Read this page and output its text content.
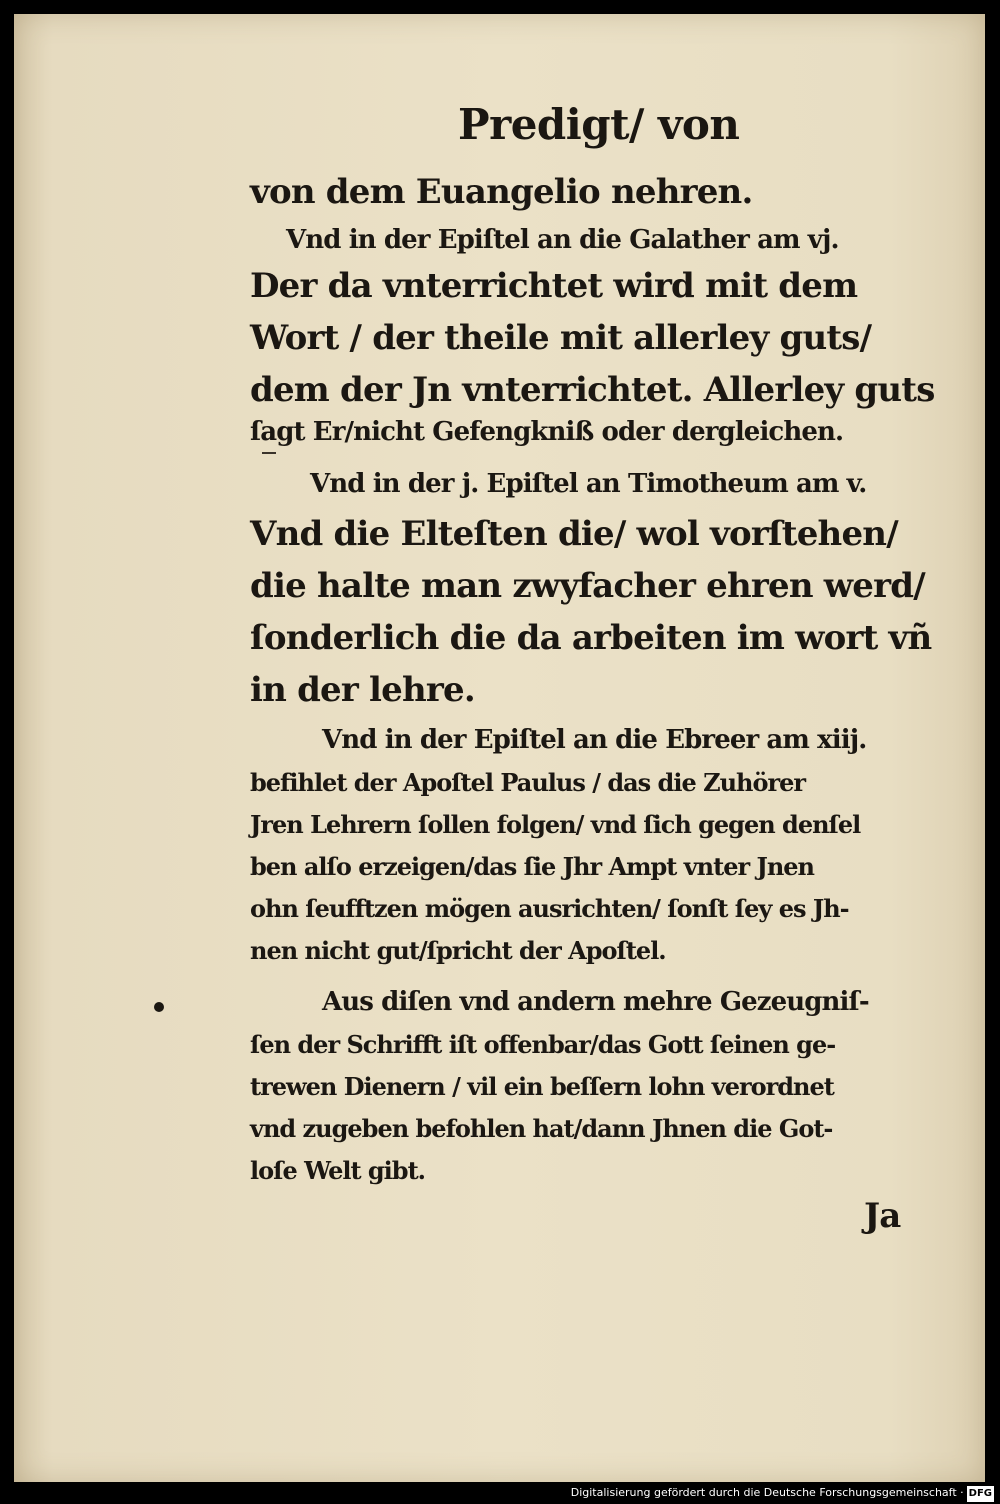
Predigt/ von

von dem Euangelio nehren.

Vnd in der Epiſtel an die Galather am vj.

Der da vnterrichtet wird mit dem

Wort / der theile mit allerley guts/

dem der Jn vnterrichtet. Allerley guts

ſagt Er/nicht Gefengkniß oder dergleichen.

Vnd in der j. Epiſtel an Timotheum am v.

Vnd die Elteſten die/ wol vorſtehen/

die halte man zwyfacher ehren werd/

ſonderlich die da arbeiten im wort vñ

in der lehre.

Vnd in der Epiſtel an die Ebreer am xiij.

befihlet der Apoſtel Paulus / das die Zuhörer

Jren Lehrern ſollen folgen/ vnd ſich gegen denſel

ben alſo erzeigen/das ſie Jhr Ampt vnter Jnen

ohn ſeufftzen mögen ausrichten/ ſonſt ſey es Jh-

nen nicht gut/ſpricht der Apoſtel.

Aus diſen vnd andern mehre Gezeugniſ-

ſen der Schrifft iſt offenbar/das Gott ſeinen ge-

trewen Dienern / vil ein beſſern lohn verordnet

vnd zugeben befohlen hat/dann Jhnen die Got-

loſe Welt gibt.

Ja

Digitalisierung gefördert durch die Deutsche Forschungsgemeinschaft · DFG
